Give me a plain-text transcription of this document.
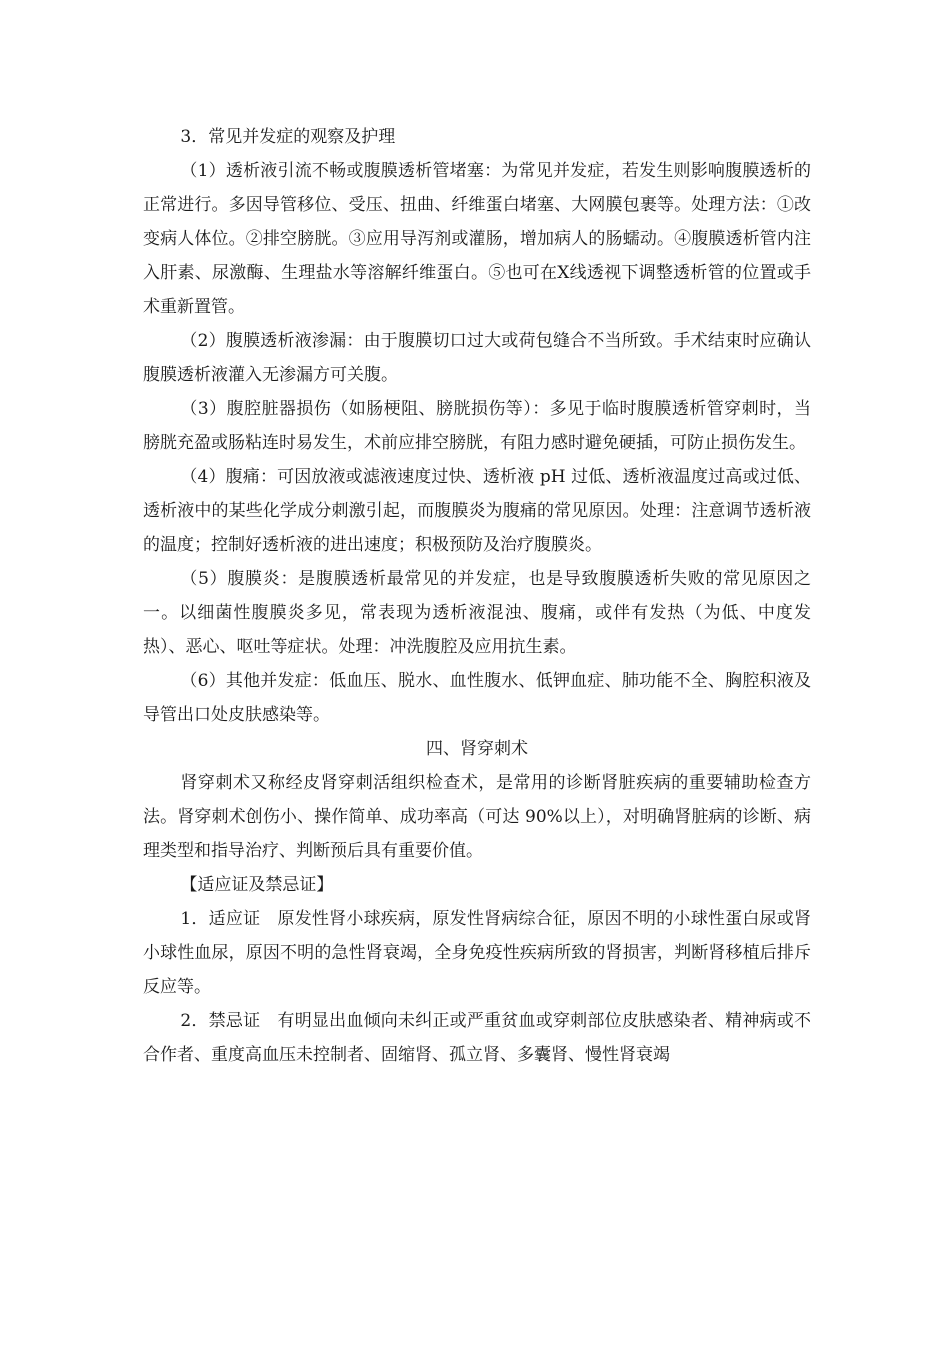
3．常见并发症的观察及护理

（1）透析液引流不畅或腹膜透析管堵塞：为常见并发症，若发生则影响腹膜透析的正常进行。多因导管移位、受压、扭曲、纤维蛋白堵塞、大网膜包裹等。处理方法：①改变病人体位。②排空膀胱。③应用导泻剂或灌肠，增加病人的肠蠕动。④腹膜透析管内注入肝素、尿激酶、生理盐水等溶解纤维蛋白。⑤也可在X线透视下调整透析管的位置或手术重新置管。

（2）腹膜透析液渗漏：由于腹膜切口过大或荷包缝合不当所致。手术结束时应确认腹膜透析液灌入无渗漏方可关腹。

（3）腹腔脏器损伤（如肠梗阻、膀胱损伤等）：多见于临时腹膜透析管穿刺时，当膀胱充盈或肠粘连时易发生，术前应排空膀胱，有阻力感时避免硬插，可防止损伤发生。

（4）腹痛：可因放液或滤液速度过快、透析液 pH 过低、透析液温度过高或过低、透析液中的某些化学成分刺激引起，而腹膜炎为腹痛的常见原因。处理：注意调节透析液的温度；控制好透析液的进出速度；积极预防及治疗腹膜炎。

（5）腹膜炎：是腹膜透析最常见的并发症，也是导致腹膜透析失败的常见原因之一。以细菌性腹膜炎多见，常表现为透析液混浊、腹痛，或伴有发热（为低、中度发热）、恶心、呕吐等症状。处理：冲洗腹腔及应用抗生素。

（6）其他并发症：低血压、脱水、血性腹水、低钾血症、肺功能不全、胸腔积液及导管出口处皮肤感染等。

四、肾穿刺术

肾穿刺术又称经皮肾穿刺活组织检查术，是常用的诊断肾脏疾病的重要辅助检查方法。肾穿刺术创伤小、操作简单、成功率高（可达 90%以上），对明确肾脏病的诊断、病理类型和指导治疗、判断预后具有重要价值。

【适应证及禁忌证】

1．适应证　原发性肾小球疾病，原发性肾病综合征，原因不明的小球性蛋白尿或肾小球性血尿，原因不明的急性肾衰竭，全身免疫性疾病所致的肾损害，判断肾移植后排斥反应等。

2．禁忌证　有明显出血倾向未纠正或严重贫血或穿刺部位皮肤感染者、精神病或不合作者、重度高血压未控制者、固缩肾、孤立肾、多囊肾、慢性肾衰竭
